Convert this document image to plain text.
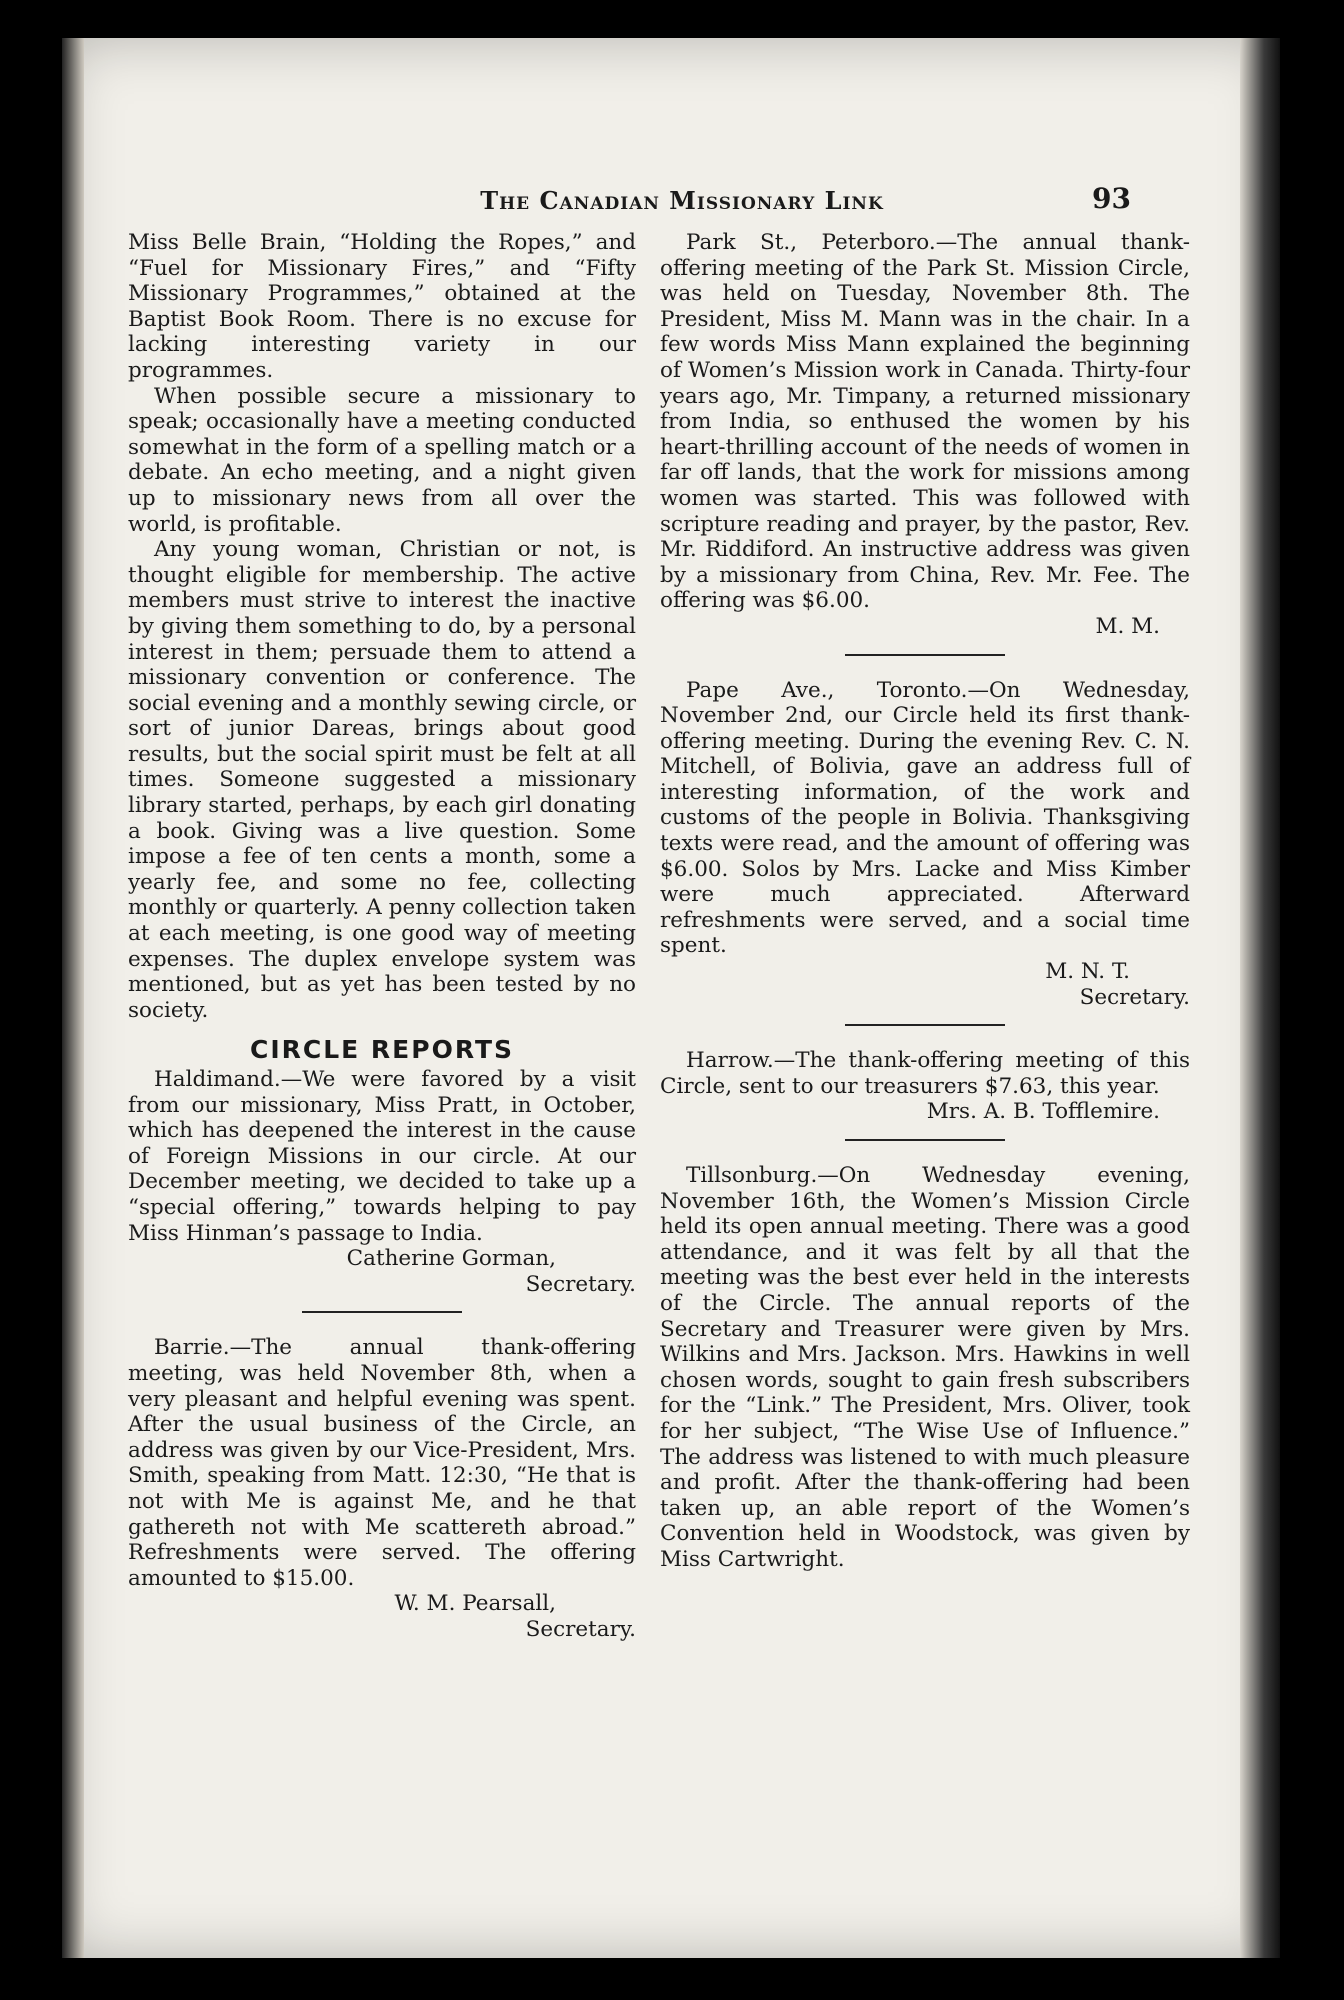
The Canadian Missionary Link	93

Miss Belle Brain, “Holding the Ropes,” and “Fuel for Missionary Fires,” and “Fifty Missionary Programmes,” obtained at the Baptist Book Room. There is no excuse for lacking interesting variety in our programmes.

When possible secure a missionary to speak; occasionally have a meeting conducted somewhat in the form of a spelling match or a debate. An echo meeting, and a night given up to missionary news from all over the world, is profitable.

Any young woman, Christian or not, is thought eligible for membership. The active members must strive to interest the inactive by giving them something to do, by a personal interest in them; persuade them to attend a missionary convention or conference. The social evening and a monthly sewing circle, or sort of junior Dareas, brings about good results, but the social spirit must be felt at all times. Someone suggested a missionary library started, perhaps, by each girl donating a book. Giving was a live question. Some impose a fee of ten cents a month, some a yearly fee, and some no fee, collecting monthly or quarterly. A penny collection taken at each meeting, is one good way of meeting expenses. The duplex envelope system was mentioned, but as yet has been tested by no society.

CIRCLE REPORTS

Haldimand.—We were favored by a visit from our missionary, Miss Pratt, in October, which has deepened the interest in the cause of Foreign Missions in our circle. At our December meeting, we decided to take up a “special offering,” towards helping to pay Miss Hinman’s passage to India.

Catherine Gorman,

Secretary.

Barrie.—The annual thank-offering meeting, was held November 8th, when a very pleasant and helpful evening was spent. After the usual business of the Circle, an address was given by our Vice-President, Mrs. Smith, speaking from Matt. 12:30, “He that is not with Me is against Me, and he that gathereth not with Me scattereth abroad.” Refreshments were served. The offering amounted to $15.00.

W. M. Pearsall,

Secretary.

Park St., Peterboro.—The annual thank-offering meeting of the Park St. Mission Circle, was held on Tuesday, November 8th. The President, Miss M. Mann was in the chair. In a few words Miss Mann explained the beginning of Women’s Mission work in Canada. Thirty-four years ago, Mr. Timpany, a returned missionary from India, so enthused the women by his heart-thrilling account of the needs of women in far off lands, that the work for missions among women was started. This was followed with scripture reading and prayer, by the pastor, Rev. Mr. Riddiford. An instructive address was given by a missionary from China, Rev. Mr. Fee. The offering was $6.00.

M. M.

Pape Ave., Toronto.—On Wednesday, November 2nd, our Circle held its first thank-offering meeting. During the evening Rev. C. N. Mitchell, of Bolivia, gave an address full of interesting information, of the work and customs of the people in Bolivia. Thanksgiving texts were read, and the amount of offering was $6.00. Solos by Mrs. Lacke and Miss Kimber were much appreciated. Afterward refreshments were served, and a social time spent.

M. N. T.

Secretary.

Harrow.—The thank-offering meeting of this Circle, sent to our treasurers $7.63, this year.

Mrs. A. B. Tofflemire.

Tillsonburg.—On Wednesday evening, November 16th, the Women’s Mission Circle held its open annual meeting. There was a good attendance, and it was felt by all that the meeting was the best ever held in the interests of the Circle. The annual reports of the Secretary and Treasurer were given by Mrs. Wilkins and Mrs. Jackson. Mrs. Hawkins in well chosen words, sought to gain fresh subscribers for the “Link.” The President, Mrs. Oliver, took for her subject, “The Wise Use of Influence.” The address was listened to with much pleasure and profit. After the thank-offering had been taken up, an able report of the Women’s Convention held in Woodstock, was given by Miss Cartwright.
